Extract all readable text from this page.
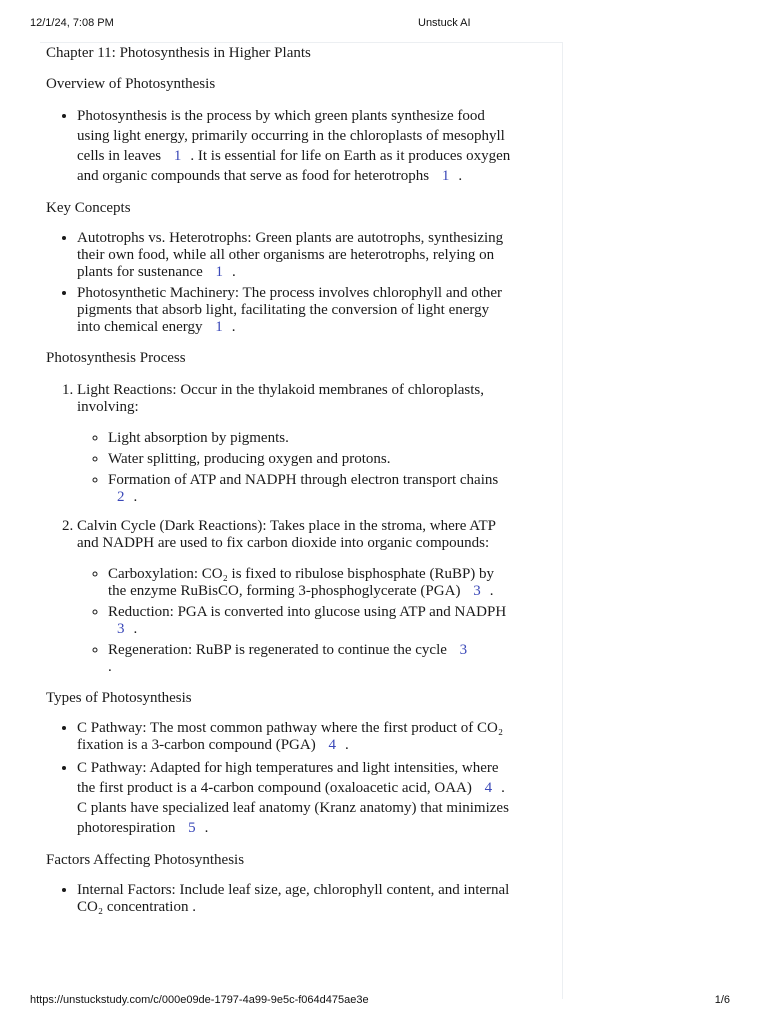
12/1/24, 7:08 PM	Unstuck AI
Chapter 11: Photosynthesis in Higher Plants
Overview of Photosynthesis
• Photosynthesis is the process by which green plants synthesize food using light energy, primarily occurring in the chloroplasts of mesophyll cells in leaves 1 . It is essential for life on Earth as it produces oxygen and organic compounds that serve as food for heterotrophs 1 .
Key Concepts
• Autotrophs vs. Heterotrophs: Green plants are autotrophs, synthesizing their own food, while all other organisms are heterotrophs, relying on plants for sustenance 1 .
• Photosynthetic Machinery: The process involves chlorophyll and other pigments that absorb light, facilitating the conversion of light energy into chemical energy 1 .
Photosynthesis Process
1. Light Reactions: Occur in the thylakoid membranes of chloroplasts, involving:
◦ Light absorption by pigments.
◦ Water splitting, producing oxygen and protons.
◦ Formation of ATP and NADPH through electron transport chains 2 .
2. Calvin Cycle (Dark Reactions): Takes place in the stroma, where ATP and NADPH are used to fix carbon dioxide into organic compounds:
◦ Carboxylation: CO₂ is fixed to ribulose bisphosphate (RuBP) by the enzyme RuBisCO, forming 3-phosphoglycerate (PGA) 3 .
◦ Reduction: PGA is converted into glucose using ATP and NADPH 3 .
◦ Regeneration: RuBP is regenerated to continue the cycle 3
.
Types of Photosynthesis
• C Pathway: The most common pathway where the first product of CO₂ fixation is a 3-carbon compound (PGA) 4 .
• C Pathway: Adapted for high temperatures and light intensities, where the first product is a 4-carbon compound (oxaloacetic acid, OAA) 4 . C plants have specialized leaf anatomy (Kranz anatomy) that minimizes photorespiration 5 .
Factors Affecting Photosynthesis
• Internal Factors: Include leaf size, age, chlorophyll content, and internal CO₂ concentration .
https://unstuckstudy.com/c/000e09de-1797-4a99-9e5c-f064d475ae3e	1/6
